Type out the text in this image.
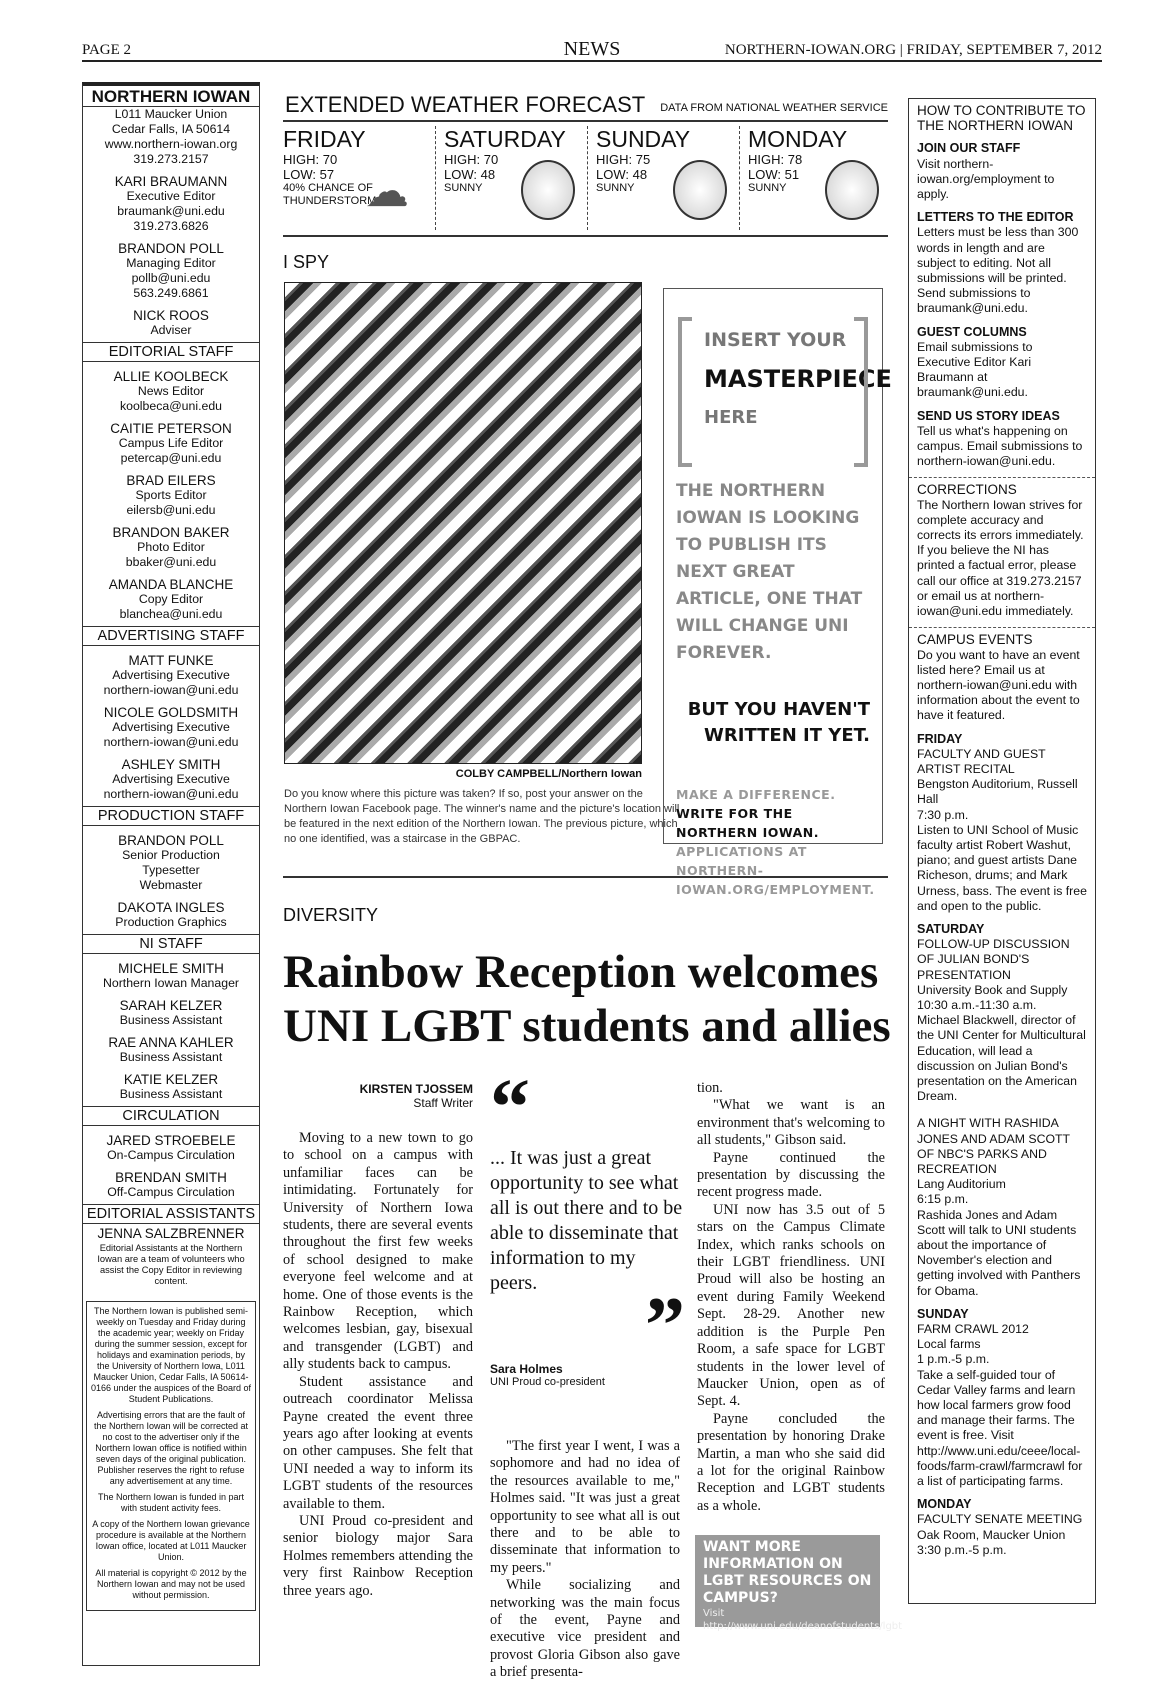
PAGE 2	NEWS	NORTHERN-IOWAN.ORG | FRIDAY, SEPTEMBER 7, 2012
NORTHERN IOWAN
L011 Maucker Union
Cedar Falls, IA 50614
www.northern-iowan.org
319.273.2157
KARI BRAUMANN
Executive Editor
braumank@uni.edu
319.273.6826
BRANDON POLL
Managing Editor
pollb@uni.edu
563.249.6861
NICK ROOS
Adviser
EDITORIAL STAFF
ALLIE KOOLBECK
News Editor
koolbeca@uni.edu
CAITIE PETERSON
Campus Life Editor
petercap@uni.edu
BRAD EILERS
Sports Editor
eilersb@uni.edu
BRANDON BAKER
Photo Editor
bbaker@uni.edu
AMANDA BLANCHE
Copy Editor
blanchea@uni.edu
ADVERTISING STAFF
MATT FUNKE
Advertising Executive
northern-iowan@uni.edu
NICOLE GOLDSMITH
Advertising Executive
northern-iowan@uni.edu
ASHLEY SMITH
Advertising Executive
northern-iowan@uni.edu
PRODUCTION STAFF
BRANDON POLL
Senior Production
Typesetter
Webmaster
DAKOTA INGLES
Production Graphics
NI STAFF
MICHELE SMITH
Northern Iowan Manager
SARAH KELZER
Business Assistant
RAE ANNA KAHLER
Business Assistant
KATIE KELZER
Business Assistant
CIRCULATION
JARED STROEBELE
On-Campus Circulation
BRENDAN SMITH
Off-Campus Circulation
EDITORIAL ASSISTANTS
JENNA SALZBRENNER
Editorial Assistants at the Northern Iowan are a team of volunteers who assist the Copy Editor in reviewing content.

The Northern Iowan is published semi-weekly on Tuesday and Friday during the academic year; weekly on Friday during the summer session, except for holidays and examination periods, by the University of Northern Iowa, L011 Maucker Union, Cedar Falls, IA 50614-0166 under the auspices of the Board of Student Publications.

Advertising errors that are the fault of the Northern Iowan will be corrected at no cost to the advertiser only if the Northern Iowan office is notified within seven days of the original publication. Publisher reserves the right to refuse any advertisement at any time.

The Northern Iowan is funded in part with student activity fees.

A copy of the Northern Iowan grievance procedure is available at the Northern Iowan office, located at L011 Maucker Union.

All material is copyright © 2012 by the Northern Iowan and may not be used without permission.

EXTENDED WEATHER FORECAST DATA FROM NATIONAL WEATHER SERVICE
FRIDAY
HIGH: 70
LOW: 57
40% CHANCE OF THUNDERSTORMS
☁
SATURDAY
HIGH: 70
LOW: 48
SUNNY
SUNDAY
HIGH: 75
LOW: 48
SUNNY
MONDAY
HIGH: 78
LOW: 51
SUNNY
I SPY
COLBY CAMPBELL/Northern Iowan
Do you know where this picture was taken? If so, post your answer on the Northern Iowan Facebook page. The winner's name and the picture's location will be featured in the next edition of the Northern Iowan. The previous picture, which no one identified, was a staircase in the GBPAC.
INSERT YOUR
MASTERPIECE
HERE
THE NORTHERN IOWAN IS LOOKING TO PUBLISH ITS NEXT GREAT ARTICLE, ONE THAT WILL CHANGE UNI FOREVER.
BUT YOU HAVEN'T WRITTEN IT YET.
MAKE A DIFFERENCE. WRITE FOR THE NORTHERN IOWAN. APPLICATIONS AT NORTHERN-IOWAN.ORG/EMPLOYMENT.
DIVERSITY
Rainbow Reception welcomes UNI LGBT students and allies
KIRSTEN TJOSSEM
Staff Writer

Moving to a new town to go to school on a campus with unfamiliar faces can be intimidating. Fortunately for University of Northern Iowa students, there are several events throughout the first few weeks of school designed to make everyone feel welcome and at home. One of those events is the Rainbow Reception, which welcomes lesbian, gay, bisexual and transgender (LGBT) and ally students back to campus.

Student assistance and outreach coordinator Melissa Payne created the event three years ago after looking at events on other campuses. She felt that UNI needed a way to inform its LGBT students of the resources available to them.

UNI Proud co-president and senior biology major Sara Holmes remembers attending the very first Rainbow Reception three years ago.

“
... It was just a great opportunity to see what all is out there and to be able to disseminate that information to my peers.	”
Sara Holmes
UNI Proud co-president

"The first year I went, I was a sophomore and had no idea of the resources available to me," Holmes said. "It was just a great opportunity to see what all is out there and to be able to disseminate that information to my peers."

While socializing and networking was the main focus of the event, Payne and executive vice president and provost Gloria Gibson also gave a brief presenta-

tion.

"What we want is an environment that's welcoming to all students," Gibson said.

Payne continued the presentation by discussing the recent progress made.

UNI now has 3.5 out of 5 stars on the Campus Climate Index, which ranks schools on their LGBT friendliness. UNI Proud will also be hosting an event during Family Weekend Sept. 28-29. Another new addition is the Purple Pen Room, a safe space for LGBT students in the lower level of Maucker Union, open as of Sept. 4.

Payne concluded the presentation by honoring Drake Martin, a man who she said did a lot for the original Rainbow Reception and LGBT students as a whole.

WANT MORE INFORMATION ON LGBT RESOURCES ON CAMPUS?
Visit http://www.uni.edu/deanofstudents/lgbt
HOW TO CONTRIBUTE TO THE NORTHERN IOWAN
JOIN OUR STAFF
Visit northern-iowan.org/employment to apply.
LETTERS TO THE EDITOR
Letters must be less than 300 words in length and are subject to editing. Not all submissions will be printed. Send submissions to braumank@uni.edu.
GUEST COLUMNS
Email submissions to Executive Editor Kari Braumann at braumank@uni.edu.
SEND US STORY IDEAS
Tell us what's happening on campus. Email submissions to northern-iowan@uni.edu.
CORRECTIONS
The Northern Iowan strives for complete accuracy and corrects its errors immediately. If you believe the NI has printed a factual error, please call our office at 319.273.2157 or email us at northern-iowan@uni.edu immediately.
CAMPUS EVENTS
Do you want to have an event listed here? Email us at northern-iowan@uni.edu with information about the event to have it featured.
FRIDAY
FACULTY AND GUEST ARTIST RECITAL
Bengston Auditorium, Russell Hall
7:30 p.m.
Listen to UNI School of Music faculty artist Robert Washut, piano; and guest artists Dane Richeson, drums; and Mark Urness, bass. The event is free and open to the public.
SATURDAY
FOLLOW-UP DISCUSSION OF JULIAN BOND'S PRESENTATION
University Book and Supply
10:30 a.m.-11:30 a.m.
Michael Blackwell, director of the UNI Center for Multicultural Education, will lead a discussion on Julian Bond's presentation on the American Dream.
A NIGHT WITH RASHIDA JONES AND ADAM SCOTT OF NBC'S PARKS AND RECREATION
Lang Auditorium
6:15 p.m.
Rashida Jones and Adam Scott will talk to UNI students about the importance of November's election and getting involved with Panthers for Obama.
SUNDAY
FARM CRAWL 2012
Local farms
1 p.m.-5 p.m.
Take a self-guided tour of Cedar Valley farms and learn how local farmers grow food and manage their farms. The event is free. Visit http://www.uni.edu/ceee/local-foods/farm-crawl/farmcrawl for a list of participating farms.
MONDAY
FACULTY SENATE MEETING
Oak Room, Maucker Union
3:30 p.m.-5 p.m.
